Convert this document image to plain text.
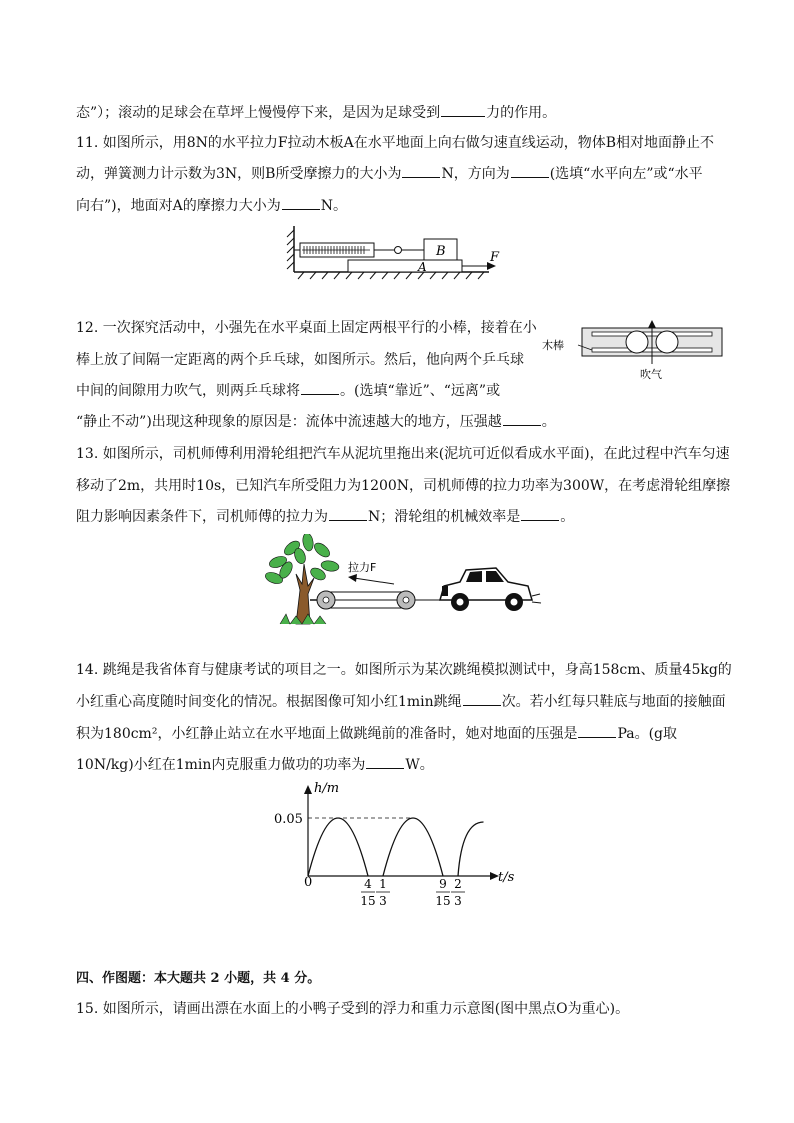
态”）；滚动的足球会在草坪上慢慢停下来，是因为足球受到	力的作用。
11. 如图所示，用8N的水平拉力F拉动木板A在水平地面上向右做匀速直线运动，物体B相对地面静止不
动，弹簧测力计示数为3N，则B所受摩擦力的大小为	N，方向为	(选填“水平向左”或“水平
向右”)，地面对A的摩擦力大小为	N。
B
A
F
12. 一次探究活动中，小强先在水平桌面上固定两根平行的小棒，接着在小
棒上放了间隔一定距离的两个乒乓球，如图所示。然后，他向两个乒乓球
中间的间隙用力吹气，则两乒乓球将	。(选填“靠近”、“远离”或
“静止不动”)出现这种现象的原因是：流体中流速越大的地方，压强越	。
木棒
吹气
13. 如图所示，司机师傅利用滑轮组把汽车从泥坑里拖出来(泥坑可近似看成水平面)，在此过程中汽车匀速
移动了2m，共用时10s，已知汽车所受阻力为1200N，司机师傅的拉力功率为300W，在考虑滑轮组摩擦
阻力影响因素条件下，司机师傅的拉力为	N；滑轮组的机械效率是	。
拉力F
14. 跳绳是我省体育与健康考试的项目之一。如图所示为某次跳绳模拟测试中，身高158cm、质量45kg的
小红重心高度随时间变化的情况。根据图像可知小红1min跳绳	次。若小红每只鞋底与地面的接触面
积为180cm²，小红静止站立在水平地面上做跳绳前的准备时，她对地面的压强是	Pa。(g取
10N/kg)小红在1min内克服重力做功的功率为	W。
h/m
t/s
0.05
0	4
15
1
3
9
15
2
3
四、作图题：本大题共 2 小题，共 4 分。
15. 如图所示，请画出漂在水面上的小鸭子受到的浮力和重力示意图(图中黑点O为重心)。
